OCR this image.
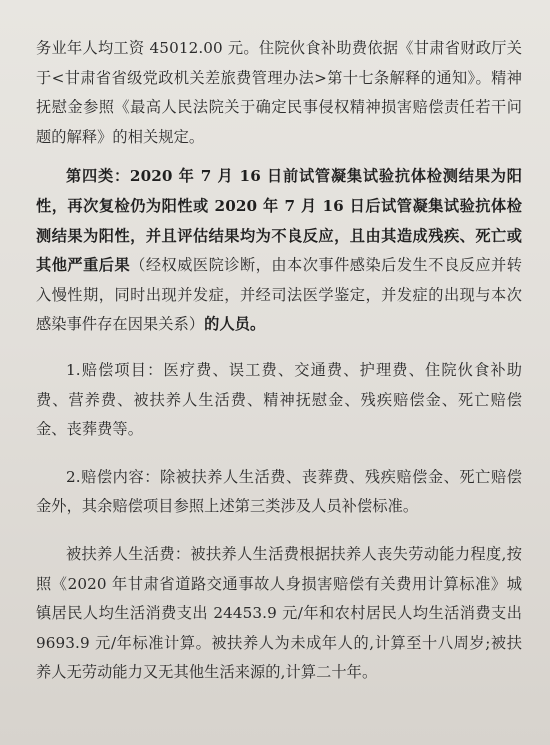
务业年人均工资 45012.00 元。住院伙食补助费依据《甘肃省财政厅关于<甘肃省省级党政机关差旅费管理办法>第十七条解释的通知》。精神抚慰金参照《最高人民法院关于确定民事侵权精神损害赔偿责任若干问题的解释》的相关规定。

第四类：2020 年 7 月 16 日前试管凝集试验抗体检测结果为阳性，再次复检仍为阳性或 2020 年 7 月 16 日后试管凝集试验抗体检测结果为阳性，并且评估结果均为不良反应，且由其造成残疾、死亡或其他严重后果（经权威医院诊断，由本次事件感染后发生不良反应并转入慢性期，同时出现并发症，并经司法医学鉴定，并发症的出现与本次感染事件存在因果关系）的人员。

1.赔偿项目：医疗费、误工费、交通费、护理费、住院伙食补助费、营养费、被扶养人生活费、精神抚慰金、残疾赔偿金、死亡赔偿金、丧葬费等。

2.赔偿内容：除被扶养人生活费、丧葬费、残疾赔偿金、死亡赔偿金外，其余赔偿项目参照上述第三类涉及人员补偿标准。

被扶养人生活费：被扶养人生活费根据扶养人丧失劳动能力程度,按照《2020 年甘肃省道路交通事故人身损害赔偿有关费用计算标准》城镇居民人均生活消费支出 24453.9 元/年和农村居民人均生活消费支出 9693.9 元/年标准计算。被扶养人为未成年人的,计算至十八周岁;被扶养人无劳动能力又无其他生活来源的,计算二十年。
